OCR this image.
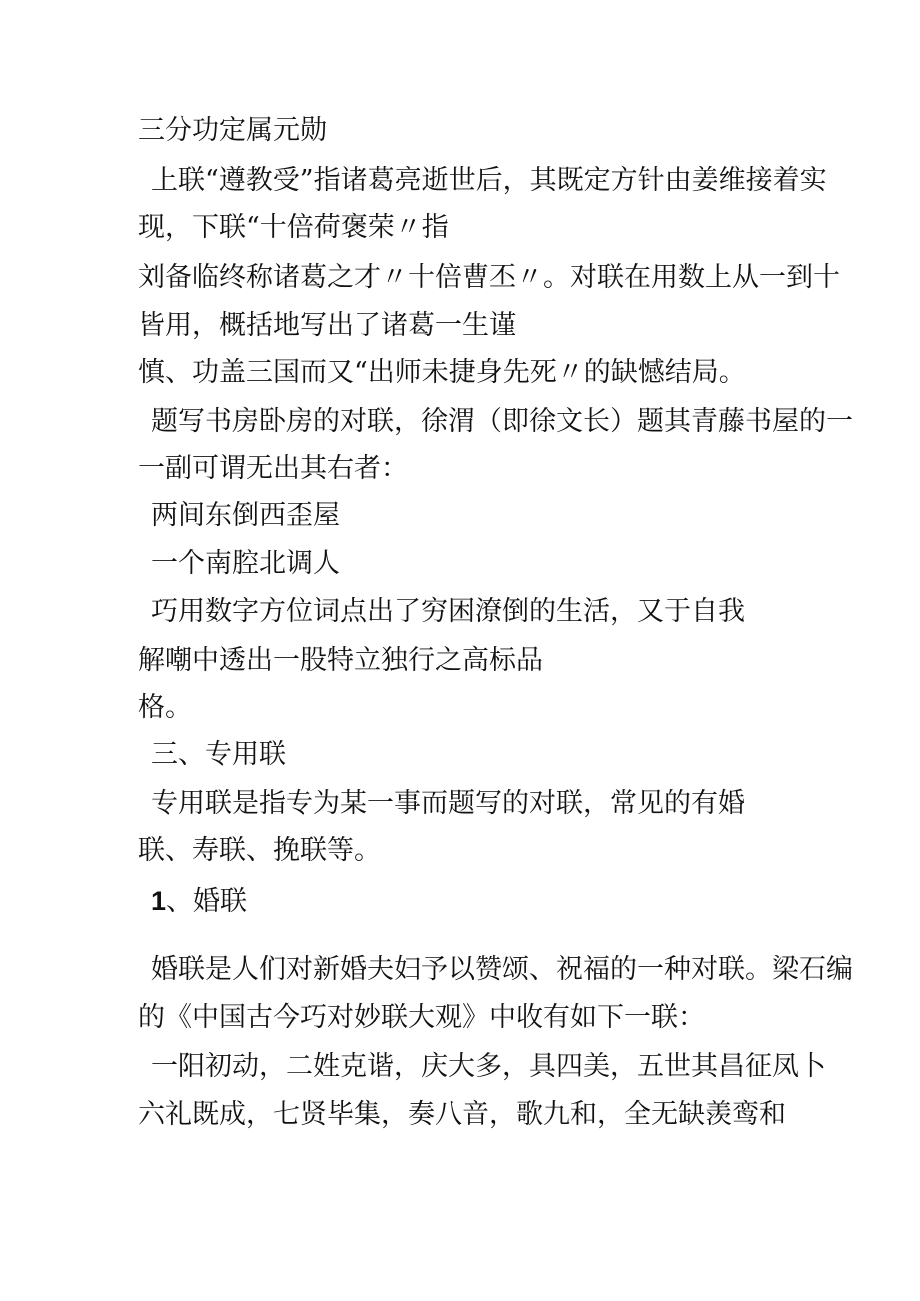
三分功定属元勋

上联“遵教受”指诸葛亮逝世后，其既定方针由姜维接着实

现，下联“十倍荷褒荣〃指

刘备临终称诸葛之才〃十倍曹丕〃。对联在用数上从一到十

皆用，概括地写出了诸葛一生谨

慎、功盖三国而又“出师未捷身先死〃的缺憾结局。

题写书房卧房的对联，徐渭（即徐文长）题其青藤书屋的一

一副可谓无出其右者：

两间东倒西歪屋

一个南腔北调人

巧用数字方位词点出了穷困潦倒的生活，又于自我

解嘲中透出一股特立独行之高标品

格。

三、专用联

专用联是指专为某一事而题写的对联，常见的有婚

联、寿联、挽联等。

1、婚联

婚联是人们对新婚夫妇予以赞颂、祝福的一种对联。梁石编

的《中国古今巧对妙联大观》中收有如下一联：

一阳初动，二姓克谐，庆大多，具四美，五世其昌征凤卜

六礼既成，七贤毕集，奏八音，歌九和，全无缺羡鸾和
